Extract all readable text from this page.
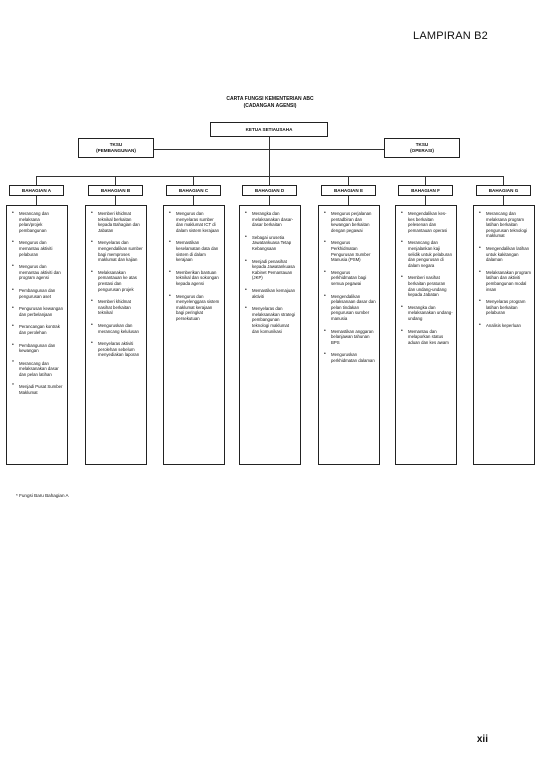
LAMPIRAN B2
CARTA FUNGSI KEMENTERIAN ABC
(CADANGAN AGENSI)
KETUA SETIAUSAHA
TKSU
(PEMBANGUNAN)
TKSU
(OPERASI)
BAHAGIAN A	BAHAGIAN B	BAHAGIAN C	BAHAGIAN D	BAHAGIAN E	BAHAGIAN F	BAHAGIAN G
• Merancang dan melaksana pelan/projek pembangunan
• Mengurus dan memantau aktiviti pelaburan
• Mengurus dan memantau aktiviti dan program agensi
• Pembangunan dan pengurusan aset
• Pengurusan kewangan dan perbelanjaan
• Perancangan kontrak dan perolehan
• Pembangunan dan kewangan
* Merancang dan melaksanakan dasar dan pelan latihan
* Menjadi Pusat Sumber Maklumat
• Memberi khidmat teknikal berkaitan kepada Bahagian dan Jabatan
• Menyelaras dan mengendalikan sumber bagi memproses maklumat dan kajian
• Melaksanakan pemantauan ke atas prestasi dan pengurusan projek
• Memberi khidmat nasihat berkaitan teknikal
• Menguruskan dan merancang kelulusan
• Menyelaras aktiviti perolehan sebelum menyediakan laporan
• Mengurus dan menyelaras sumber dan maklumat ICT di dalam sistem kerajaan
• Memastikan keselamatan data dan sistem di dalam kerajaan
• Memberikan bantuan teknikal dan sokongan kepada agensi
• Mengurus dan menyelenggara sistem maklumat kerajaan bagi peringkat persekutuan
• Merangka dan melaksanakan dasar-dasar berkaitan
• Sebagai urusetia Jawatankuasa Tetap Kebangsaan
• Menjadi penasihat kepada Jawatankuasa Kabinet Pemantauan (JKP)
• Memastikan kemajuan aktiviti
• Menyelaras dan melaksanakan strategi pembangunan teknologi maklumat dan komunikasi
• Mengurus perjalanan pentadbiran dan kewangan berkaitan dengan pegawai
• Mengurus Perkhidmatan Pengurusan Sumber Manusia (PSM)
• Mengurus perkhidmatan bagi semua pegawai
• Mengendalikan pelaksanaan dasar dan pelan tindakan pengurusan sumber manusia
• Memastikan anggaran belanjawan tahunan BPS
• Menguruskan perkhidmatan dalaman
• Mengendalikan kes-kes berkaitan pelesenan dan pemantauan operasi
• Merancang dan menjalankan kaji selidik untuk pelaburan dan pengurusan di dalam negara
• Memberi nasihat berkaitan peraturan dan undang-undang kepada Jabatan
• Merangka dan melaksanakan undang-undang
• Memantau dan melaporkan status aduan dan kes awam
• Merancang dan melaksana program latihan berkaitan pengurusan teknologi maklumat
• Mengendalikan latihan untuk kakitangan dalaman
• Melaksanakan program latihan dan aktiviti pembangunan modal insan
• Menyelaras program latihan berkaitan pelaburan
• Analisis keperluan
* Fungsi Baru Bahagian A
xii
